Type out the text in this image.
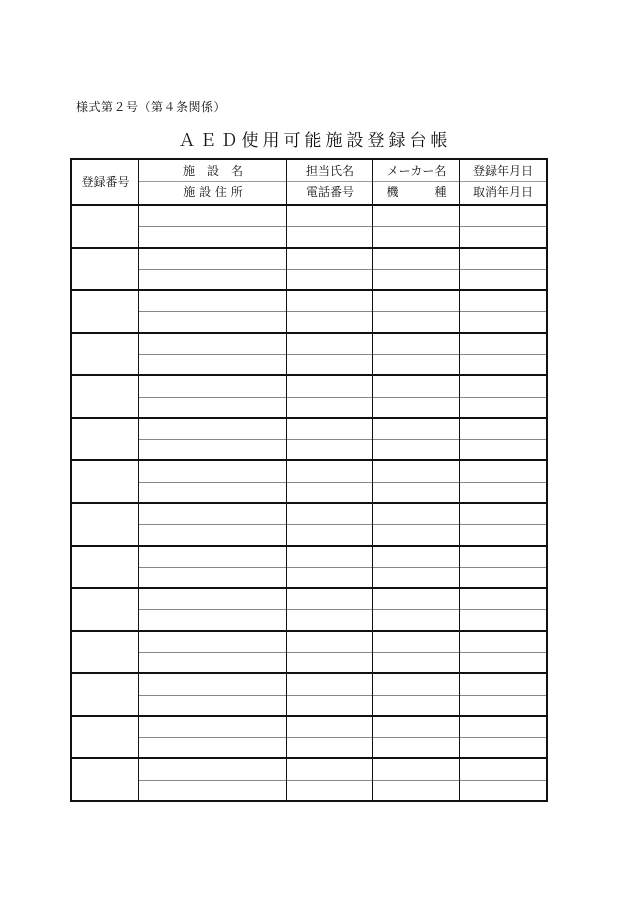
様式第２号（第４条関係）
ＡＥＤ使用可能施設登録台帳
登録番号
施　設　名
施 設 住 所
担当氏名
電話番号
メーカー名
機　　　種
登録年月日
取消年月日
